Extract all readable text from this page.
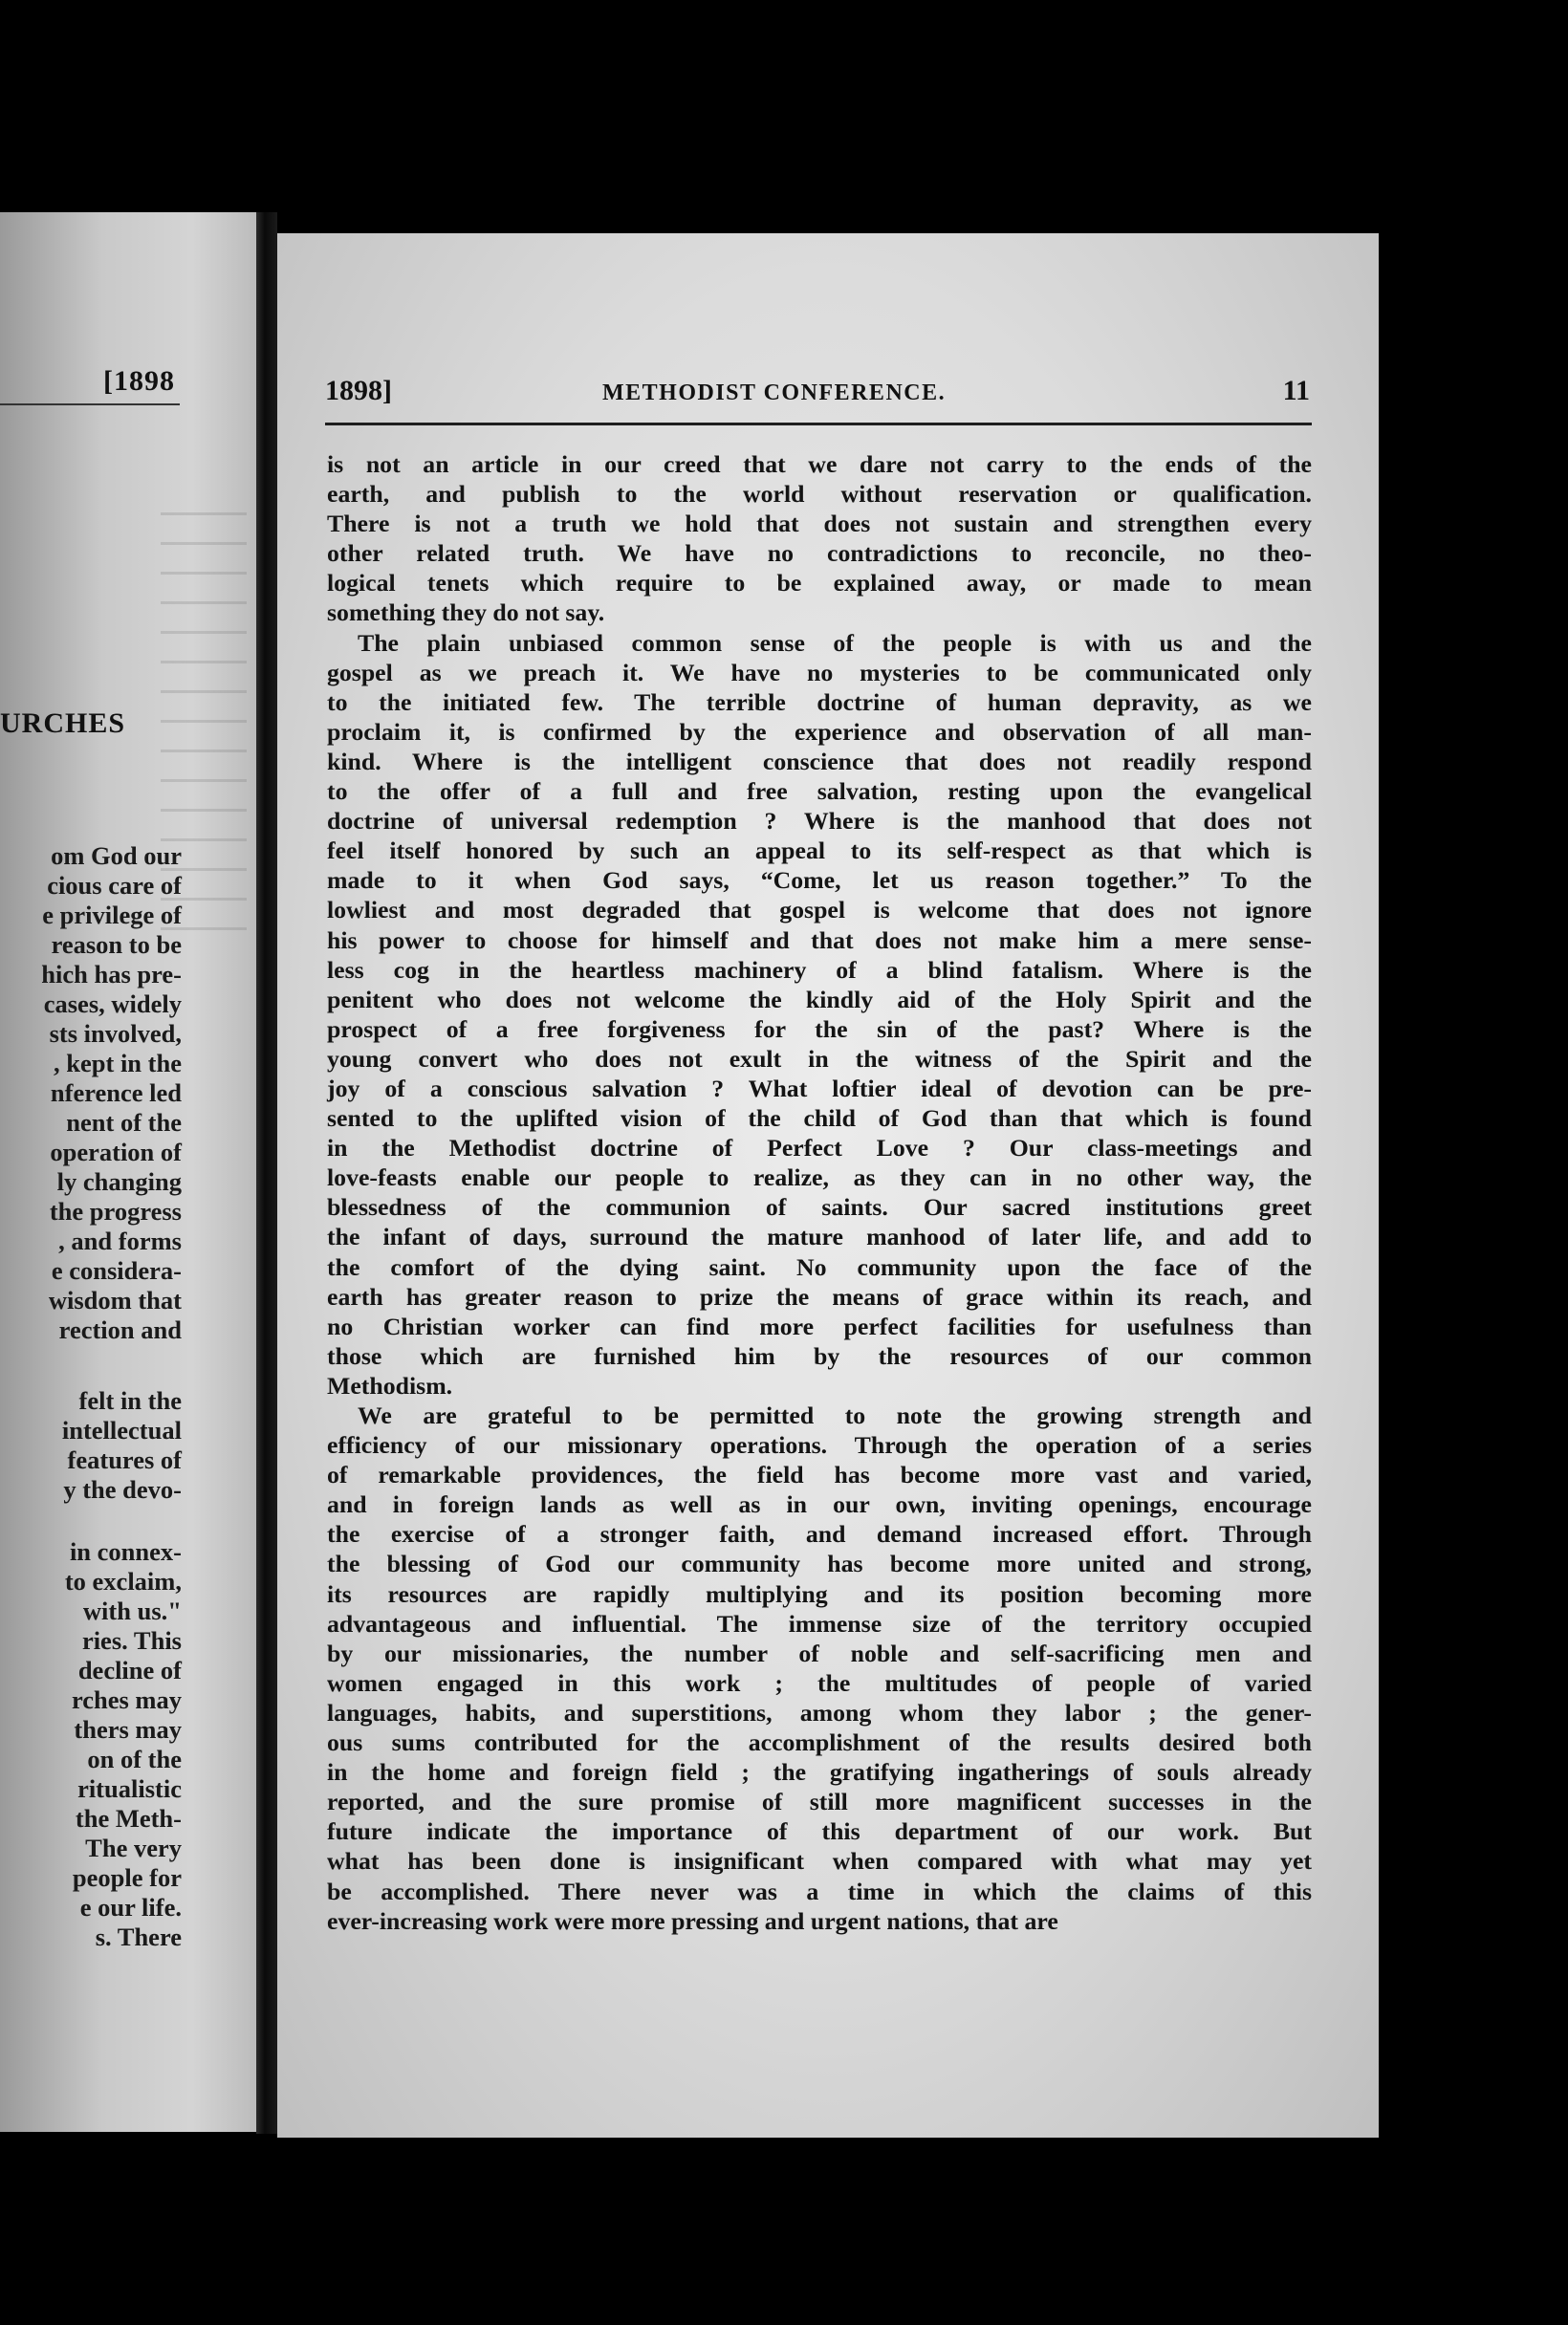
[1898
URCHES
om God our
cious care of
e privilege of
reason to be
hich has pre-
cases, widely
sts involved,
, kept in the
nference led
nent of the
operation of
ly changing
the progress
, and forms
e considera-
wisdom that
rection and
felt in the
intellectual
features of
y the devo-
in connex-
to exclaim,
with us."
ries. This
decline of
rches may
thers may
on of the
ritualistic
the Meth-
The very
people for
e our life.
s. There
1898]	METHODIST CONFERENCE.	11
is not an article in our creed that we dare not carry to the ends of the
earth, and publish to the world without reservation or qualification.
There is not a truth we hold that does not sustain and strengthen every
other related truth. We have no contradictions to reconcile, no theo-
logical tenets which require to be explained away, or made to mean
something they do not say.
The plain unbiased common sense of the people is with us and the
gospel as we preach it. We have no mysteries to be communicated only
to the initiated few. The terrible doctrine of human depravity, as we
proclaim it, is confirmed by the experience and observation of all man-
kind. Where is the intelligent conscience that does not readily respond
to the offer of a full and free salvation, resting upon the evangelical
doctrine of universal redemption ? Where is the manhood that does not
feel itself honored by such an appeal to its self-respect as that which is
made to it when God says, “Come, let us reason together.” To the
lowliest and most degraded that gospel is welcome that does not ignore
his power to choose for himself and that does not make him a mere sense-
less cog in the heartless machinery of a blind fatalism. Where is the
penitent who does not welcome the kindly aid of the Holy Spirit and the
prospect of a free forgiveness for the sin of the past? Where is the
young convert who does not exult in the witness of the Spirit and the
joy of a conscious salvation ? What loftier ideal of devotion can be pre-
sented to the uplifted vision of the child of God than that which is found
in the Methodist doctrine of Perfect Love ? Our class-meetings and
love-feasts enable our people to realize, as they can in no other way, the
blessedness of the communion of saints. Our sacred institutions greet
the infant of days, surround the mature manhood of later life, and add to
the comfort of the dying saint. No community upon the face of the
earth has greater reason to prize the means of grace within its reach, and
no Christian worker can find more perfect facilities for usefulness than
those which are furnished him by the resources of our common
Methodism.
We are grateful to be permitted to note the growing strength and
efficiency of our missionary operations. Through the operation of a series
of remarkable providences, the field has become more vast and varied,
and in foreign lands as well as in our own, inviting openings, encourage
the exercise of a stronger faith, and demand increased effort. Through
the blessing of God our community has become more united and strong,
its resources are rapidly multiplying and its position becoming more
advantageous and influential. The immense size of the territory occupied
by our missionaries, the number of noble and self-sacrificing men and
women engaged in this work ; the multitudes of people of varied
languages, habits, and superstitions, among whom they labor ; the gener-
ous sums contributed for the accomplishment of the results desired both
in the home and foreign field ; the gratifying ingatherings of souls already
reported, and the sure promise of still more magnificent successes in the
future indicate the importance of this department of our work. But
what has been done is insignificant when compared with what may yet
be accomplished. There never was a time in which the claims of this
ever-increasing work were more pressing and urgent nations, that are
